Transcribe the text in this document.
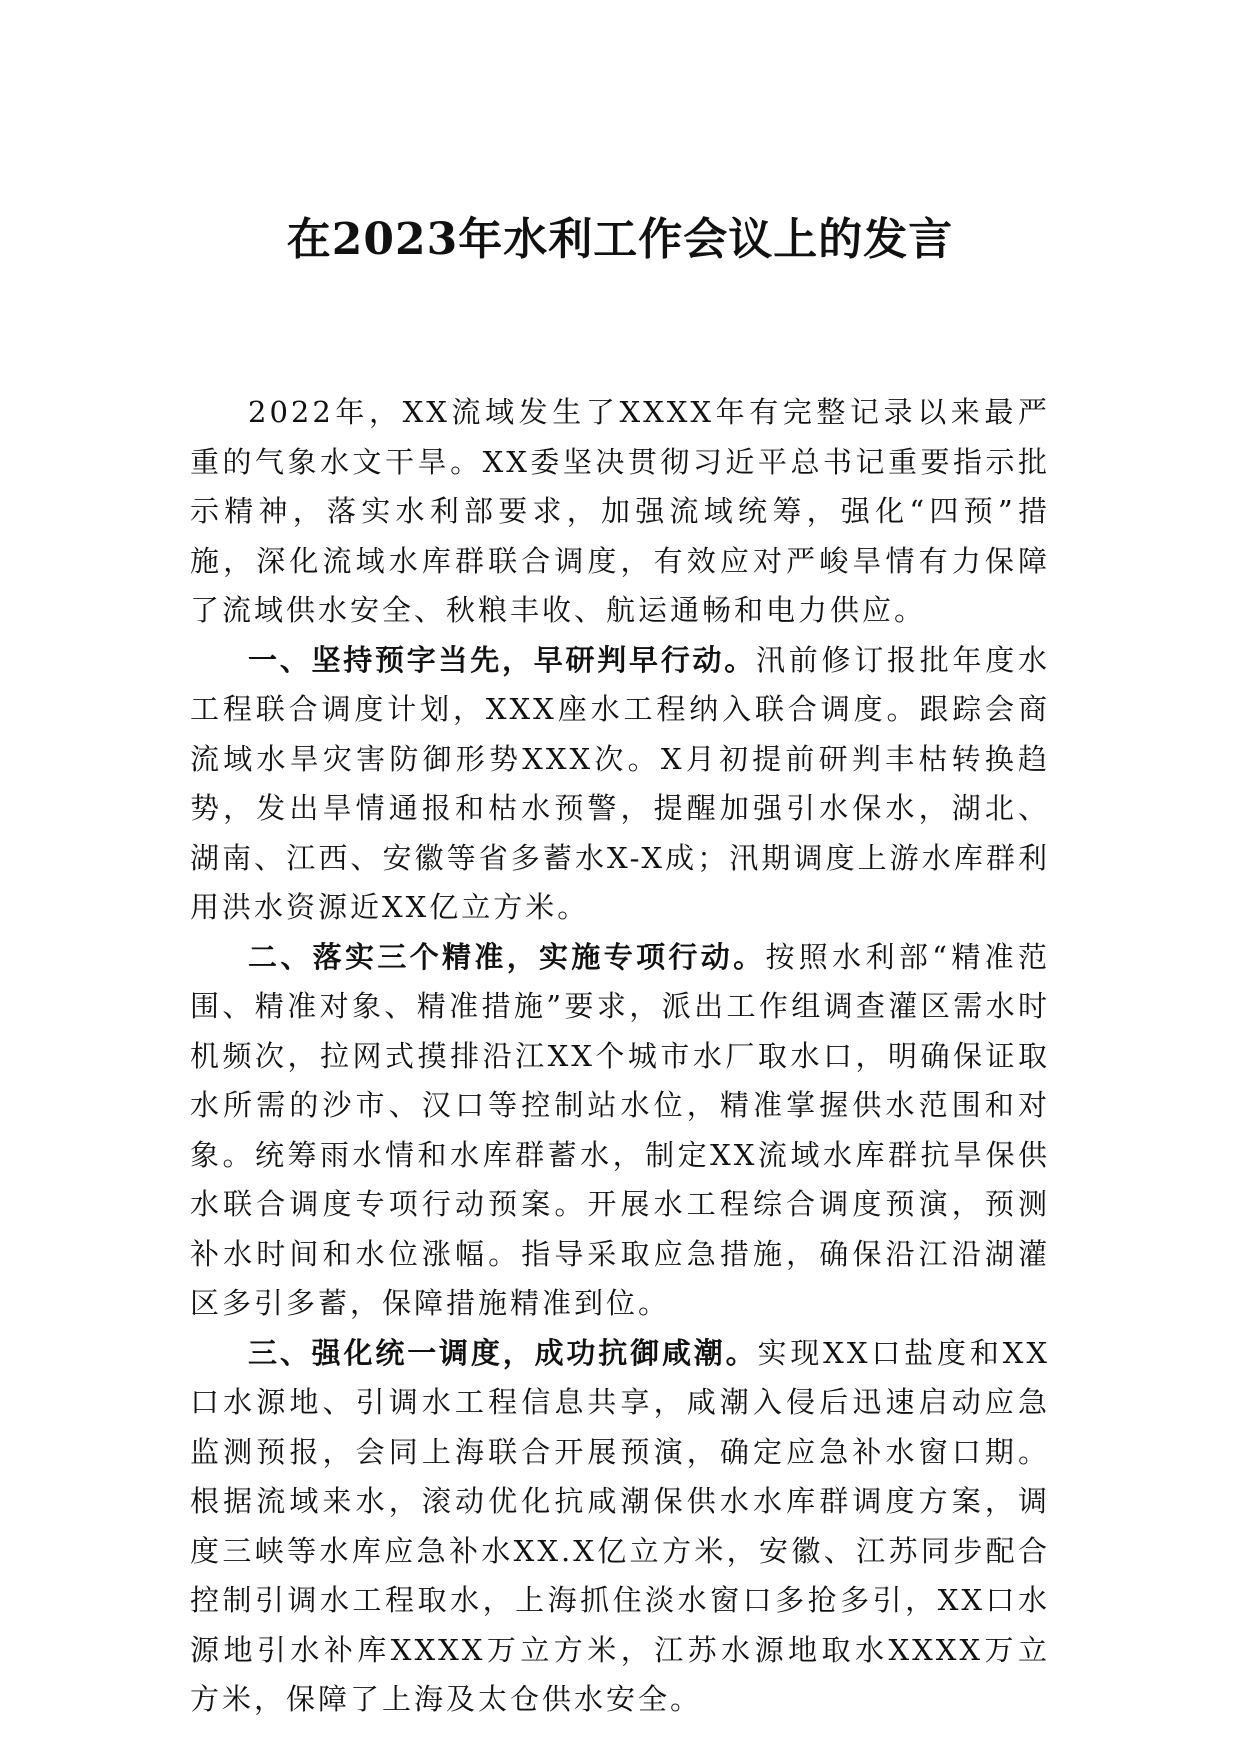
在2023年水利工作会议上的发言

2022年，XX流域发生了XXXX年有完整记录以来最严重的气象水文干旱。XX委坚决贯彻习近平总书记重要指示批示精神，落实水利部要求，加强流域统筹，强化“四预”措施，深化流域水库群联合调度，有效应对严峻旱情有力保障了流域供水安全、秋粮丰收、航运通畅和电力供应。

一、坚持预字当先，早研判早行动。汛前修订报批年度水工程联合调度计划，XXX座水工程纳入联合调度。跟踪会商流域水旱灾害防御形势XXX次。X月初提前研判丰枯转换趋势，发出旱情通报和枯水预警，提醒加强引水保水，湖北、湖南、江西、安徽等省多蓄水X-X成；汛期调度上游水库群利用洪水资源近XX亿立方米。

二、落实三个精准，实施专项行动。按照水利部“精准范围、精准对象、精准措施”要求，派出工作组调查灌区需水时机频次，拉网式摸排沿江XX个城市水厂取水口，明确保证取水所需的沙市、汉口等控制站水位，精准掌握供水范围和对象。统筹雨水情和水库群蓄水，制定XX流域水库群抗旱保供水联合调度专项行动预案。开展水工程综合调度预演，预测补水时间和水位涨幅。指导采取应急措施，确保沿江沿湖灌区多引多蓄，保障措施精准到位。

三、强化统一调度，成功抗御咸潮。实现XX口盐度和XX口水源地、引调水工程信息共享，咸潮入侵后迅速启动应急监测预报，会同上海联合开展预演，确定应急补水窗口期。根据流域来水，滚动优化抗咸潮保供水水库群调度方案，调度三峡等水库应急补水XX.X亿立方米，安徽、江苏同步配合控制引调水工程取水，上海抓住淡水窗口多抢多引，XX口水源地引水补库XXXX万立方米，江苏水源地取水XXXX万立方米，保障了上海及太仓供水安全。
